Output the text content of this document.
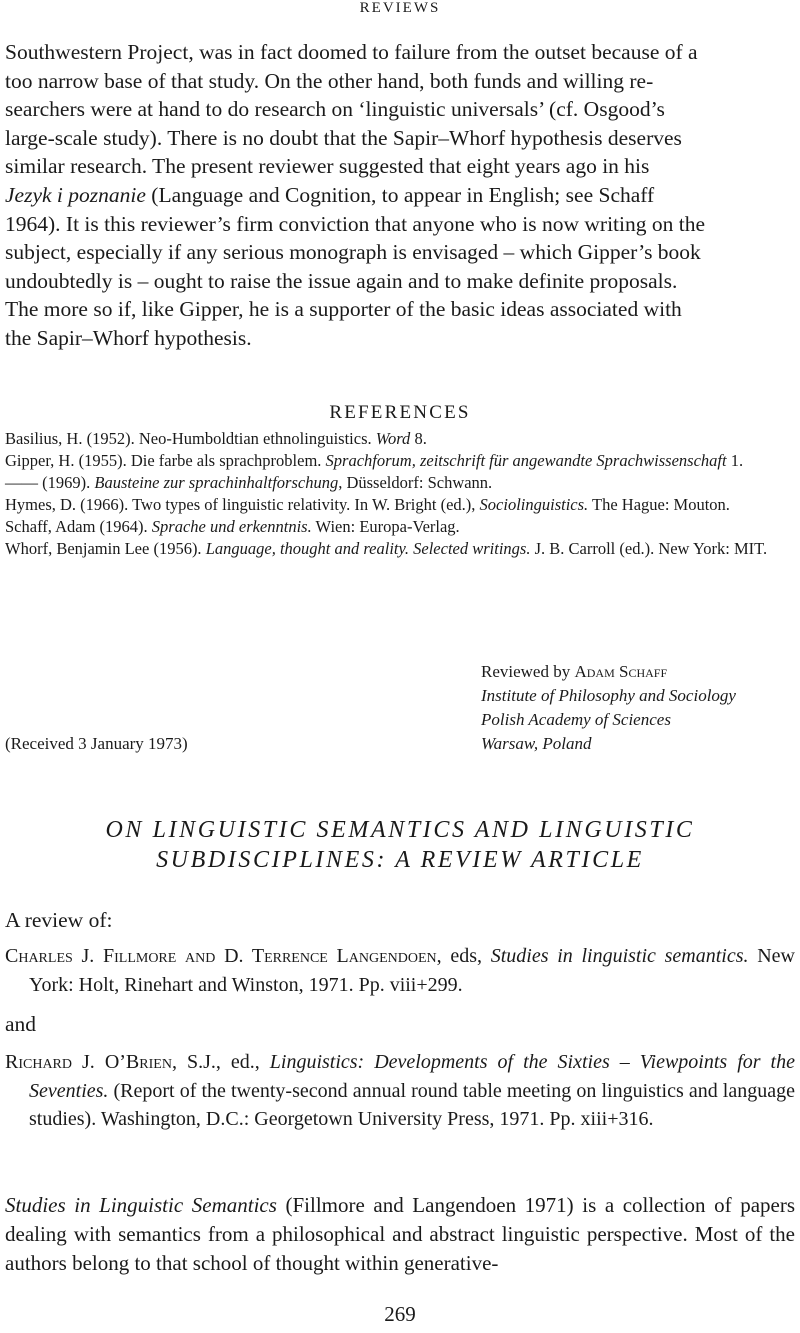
REVIEWS
Southwestern Project, was in fact doomed to failure from the outset because of a
too narrow base of that study. On the other hand, both funds and willing re-
searchers were at hand to do research on ‘linguistic universals’ (cf. Osgood’s
large-scale study). There is no doubt that the Sapir–Whorf hypothesis deserves
similar research. The present reviewer suggested that eight years ago in his
Jezyk i poznanie (Language and Cognition, to appear in English; see Schaff
1964). It is this reviewer’s firm conviction that anyone who is now writing on the
subject, especially if any serious monograph is envisaged – which Gipper’s book
undoubtedly is – ought to raise the issue again and to make definite proposals.
The more so if, like Gipper, he is a supporter of the basic ideas associated with
the Sapir–Whorf hypothesis.
REFERENCES
Basilius, H. (1952). Neo-Humboldtian ethnolinguistics. Word 8.
Gipper, H. (1955). Die farbe als sprachproblem. Sprachforum, zeitschrift für angewandte Sprachwissenschaft 1.
—— (1969). Bausteine zur sprachinhaltforschung, Düsseldorf: Schwann.
Hymes, D. (1966). Two types of linguistic relativity. In W. Bright (ed.), Sociolinguistics. The Hague: Mouton.
Schaff, Adam (1964). Sprache und erkenntnis. Wien: Europa-Verlag.
Whorf, Benjamin Lee (1956). Language, thought and reality. Selected writings. J. B. Carroll (ed.). New York: MIT.
Reviewed by Adam Schaff
Institute of Philosophy and Sociology
Polish Academy of Sciences
Warsaw, Poland
(Received 3 January 1973)
ON LINGUISTIC SEMANTICS AND LINGUISTIC
SUBDISCIPLINES: A REVIEW ARTICLE
A review of:
Charles J. Fillmore and D. Terrence Langendoen, eds, Studies in linguistic semantics. New York: Holt, Rinehart and Winston, 1971. Pp. viii+299.
and
Richard J. O’Brien, S.J., ed., Linguistics: Developments of the Sixties – Viewpoints for the Seventies. (Report of the twenty-second annual round table meeting on linguistics and language studies). Washington, D.C.: Georgetown University Press, 1971. Pp. xiii+316.
Studies in Linguistic Semantics (Fillmore and Langendoen 1971) is a collection of papers dealing with semantics from a philosophical and abstract linguistic perspective. Most of the authors belong to that school of thought within generative-
269
